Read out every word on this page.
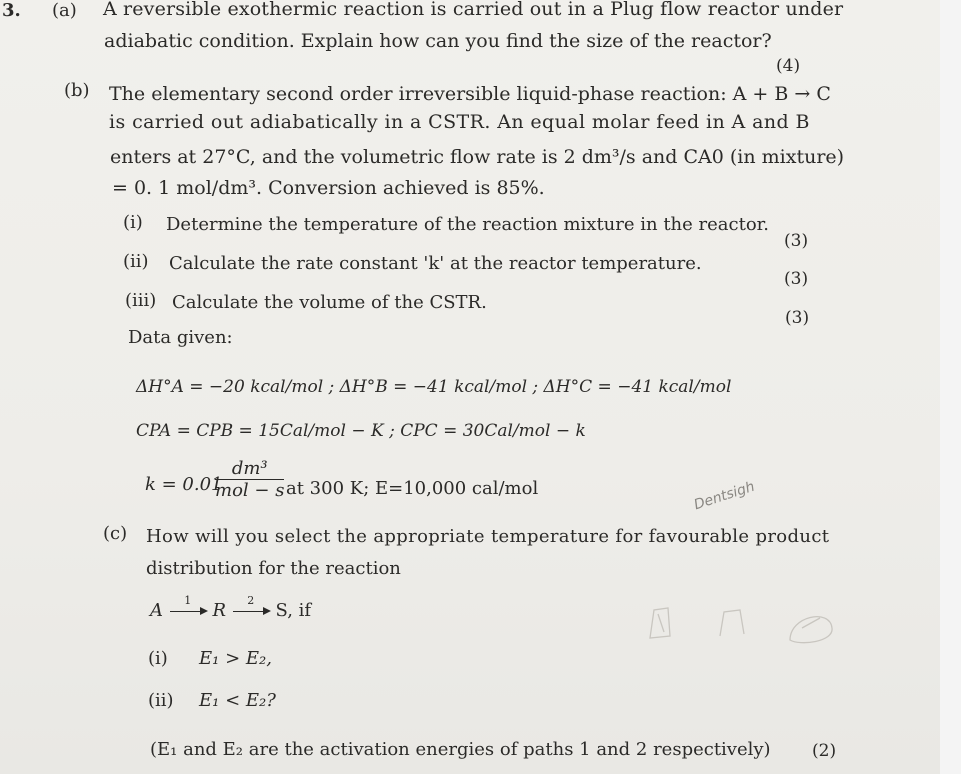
3. (a) A reversible exothermic reaction is carried out in a Plug flow reactor under
adiabatic condition. Explain how can you find the size of the reactor?
(4)
(b) The elementary second order irreversible liquid-phase reaction: A + B → C
is carried out adiabatically in a CSTR. An equal molar feed in A and B
enters at 27°C, and the volumetric flow rate is 2 dm³/s and CA0 (in mixture)
= 0. 1 mol/dm³. Conversion achieved is 85%.
(i) Determine the temperature of the reaction mixture in the reactor.
(3)
(ii) Calculate the rate constant 'k' at the reactor temperature.
(3)
(iii) Calculate the volume of the CSTR.
(3)
Data given:
ΔH°A = −20 kcal/mol ; ΔH°B = −41 kcal/mol ; ΔH°C = −41 kcal/mol
CPA = CPB = 15Cal/mol − K ; CPC = 30Cal/mol − k
k = 0.01
dm³
mol − s at 300 K; E=10,000 cal/mol	Dentsigh
(c) How will you select the appropriate temperature for favourable product
distribution for the reaction
A	1	R	2	S, if
(i) E₁ > E₂,
(ii) E₁ < E₂?
(E₁ and E₂ are the activation energies of paths 1 and 2 respectively) (2)
